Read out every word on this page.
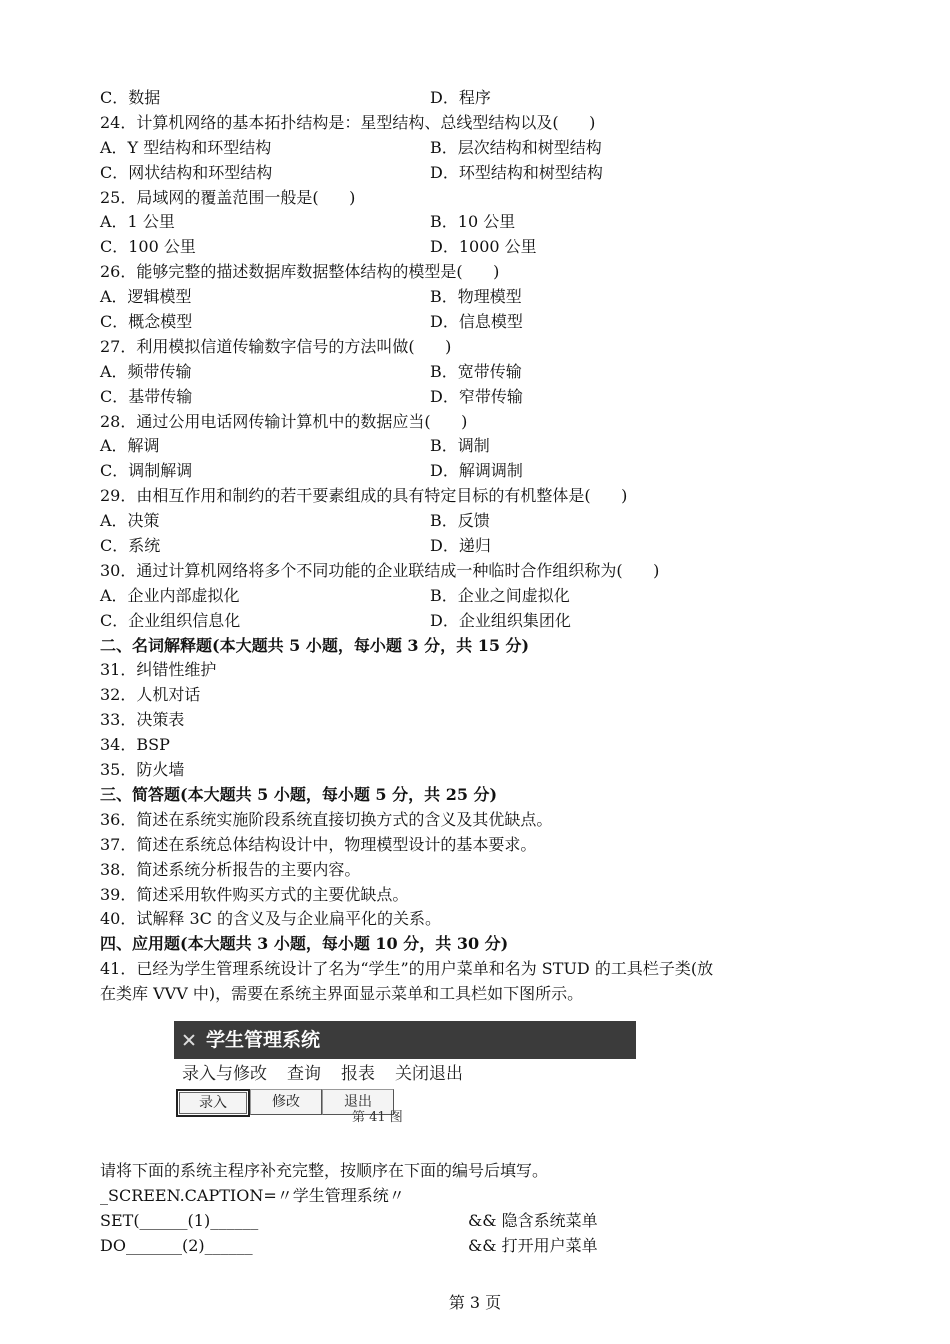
C．数据	D．程序
24．计算机网络的基本拓扑结构是：星型结构、总线型结构以及(      )
A．Y 型结构和环型结构	B．层次结构和树型结构
C．网状结构和环型结构	D．环型结构和树型结构
25．局域网的覆盖范围一般是(      )
A．1 公里	B．10 公里
C．100 公里	D．1000 公里
26．能够完整的描述数据库数据整体结构的模型是(      )
A．逻辑模型	B．物理模型
C．概念模型	D．信息模型
27．利用模拟信道传输数字信号的方法叫做(      )
A．频带传输	B．宽带传输
C．基带传输	D．窄带传输
28．通过公用电话网传输计算机中的数据应当(      )
A．解调	B．调制
C．调制解调	D．解调调制
29．由相互作用和制约的若干要素组成的具有特定目标的有机整体是(      )
A．决策	B．反馈
C．系统	D．递归
30．通过计算机网络将多个不同功能的企业联结成一种临时合作组织称为(      )
A．企业内部虚拟化	B．企业之间虚拟化
C．企业组织信息化	D．企业组织集团化
二、名词解释题(本大题共 5 小题，每小题 3 分，共 15 分)
31．纠错性维护
32．人机对话
33．决策表
34．BSP
35．防火墙
三、简答题(本大题共 5 小题，每小题 5 分，共 25 分)
36．简述在系统实施阶段系统直接切换方式的含义及其优缺点。
37．简述在系统总体结构设计中，物理模型设计的基本要求。
38．简述系统分析报告的主要内容。
39．简述采用软件购买方式的主要优缺点。
40．试解释 3C 的含义及与企业扁平化的关系。
四、应用题(本大题共 3 小题，每小题 10 分，共 30 分)
41．已经为学生管理系统设计了名为“学生”的用户菜单和名为 STUD 的工具栏子类(放
在类库 VVV 中)，需要在系统主界面显示菜单和工具栏如下图所示。
学生管理系统
录入与修改 查询 报表 关闭退出
录入	修改	退出
第 41 图
请将下面的系统主程序补充完整，按顺序在下面的编号后填写。
_SCREEN.CAPTION=〃学生管理系统〃
SET(______(1)______	&& 隐含系统菜单
DO_______(2)______	&& 打开用户菜单
第 3 页
